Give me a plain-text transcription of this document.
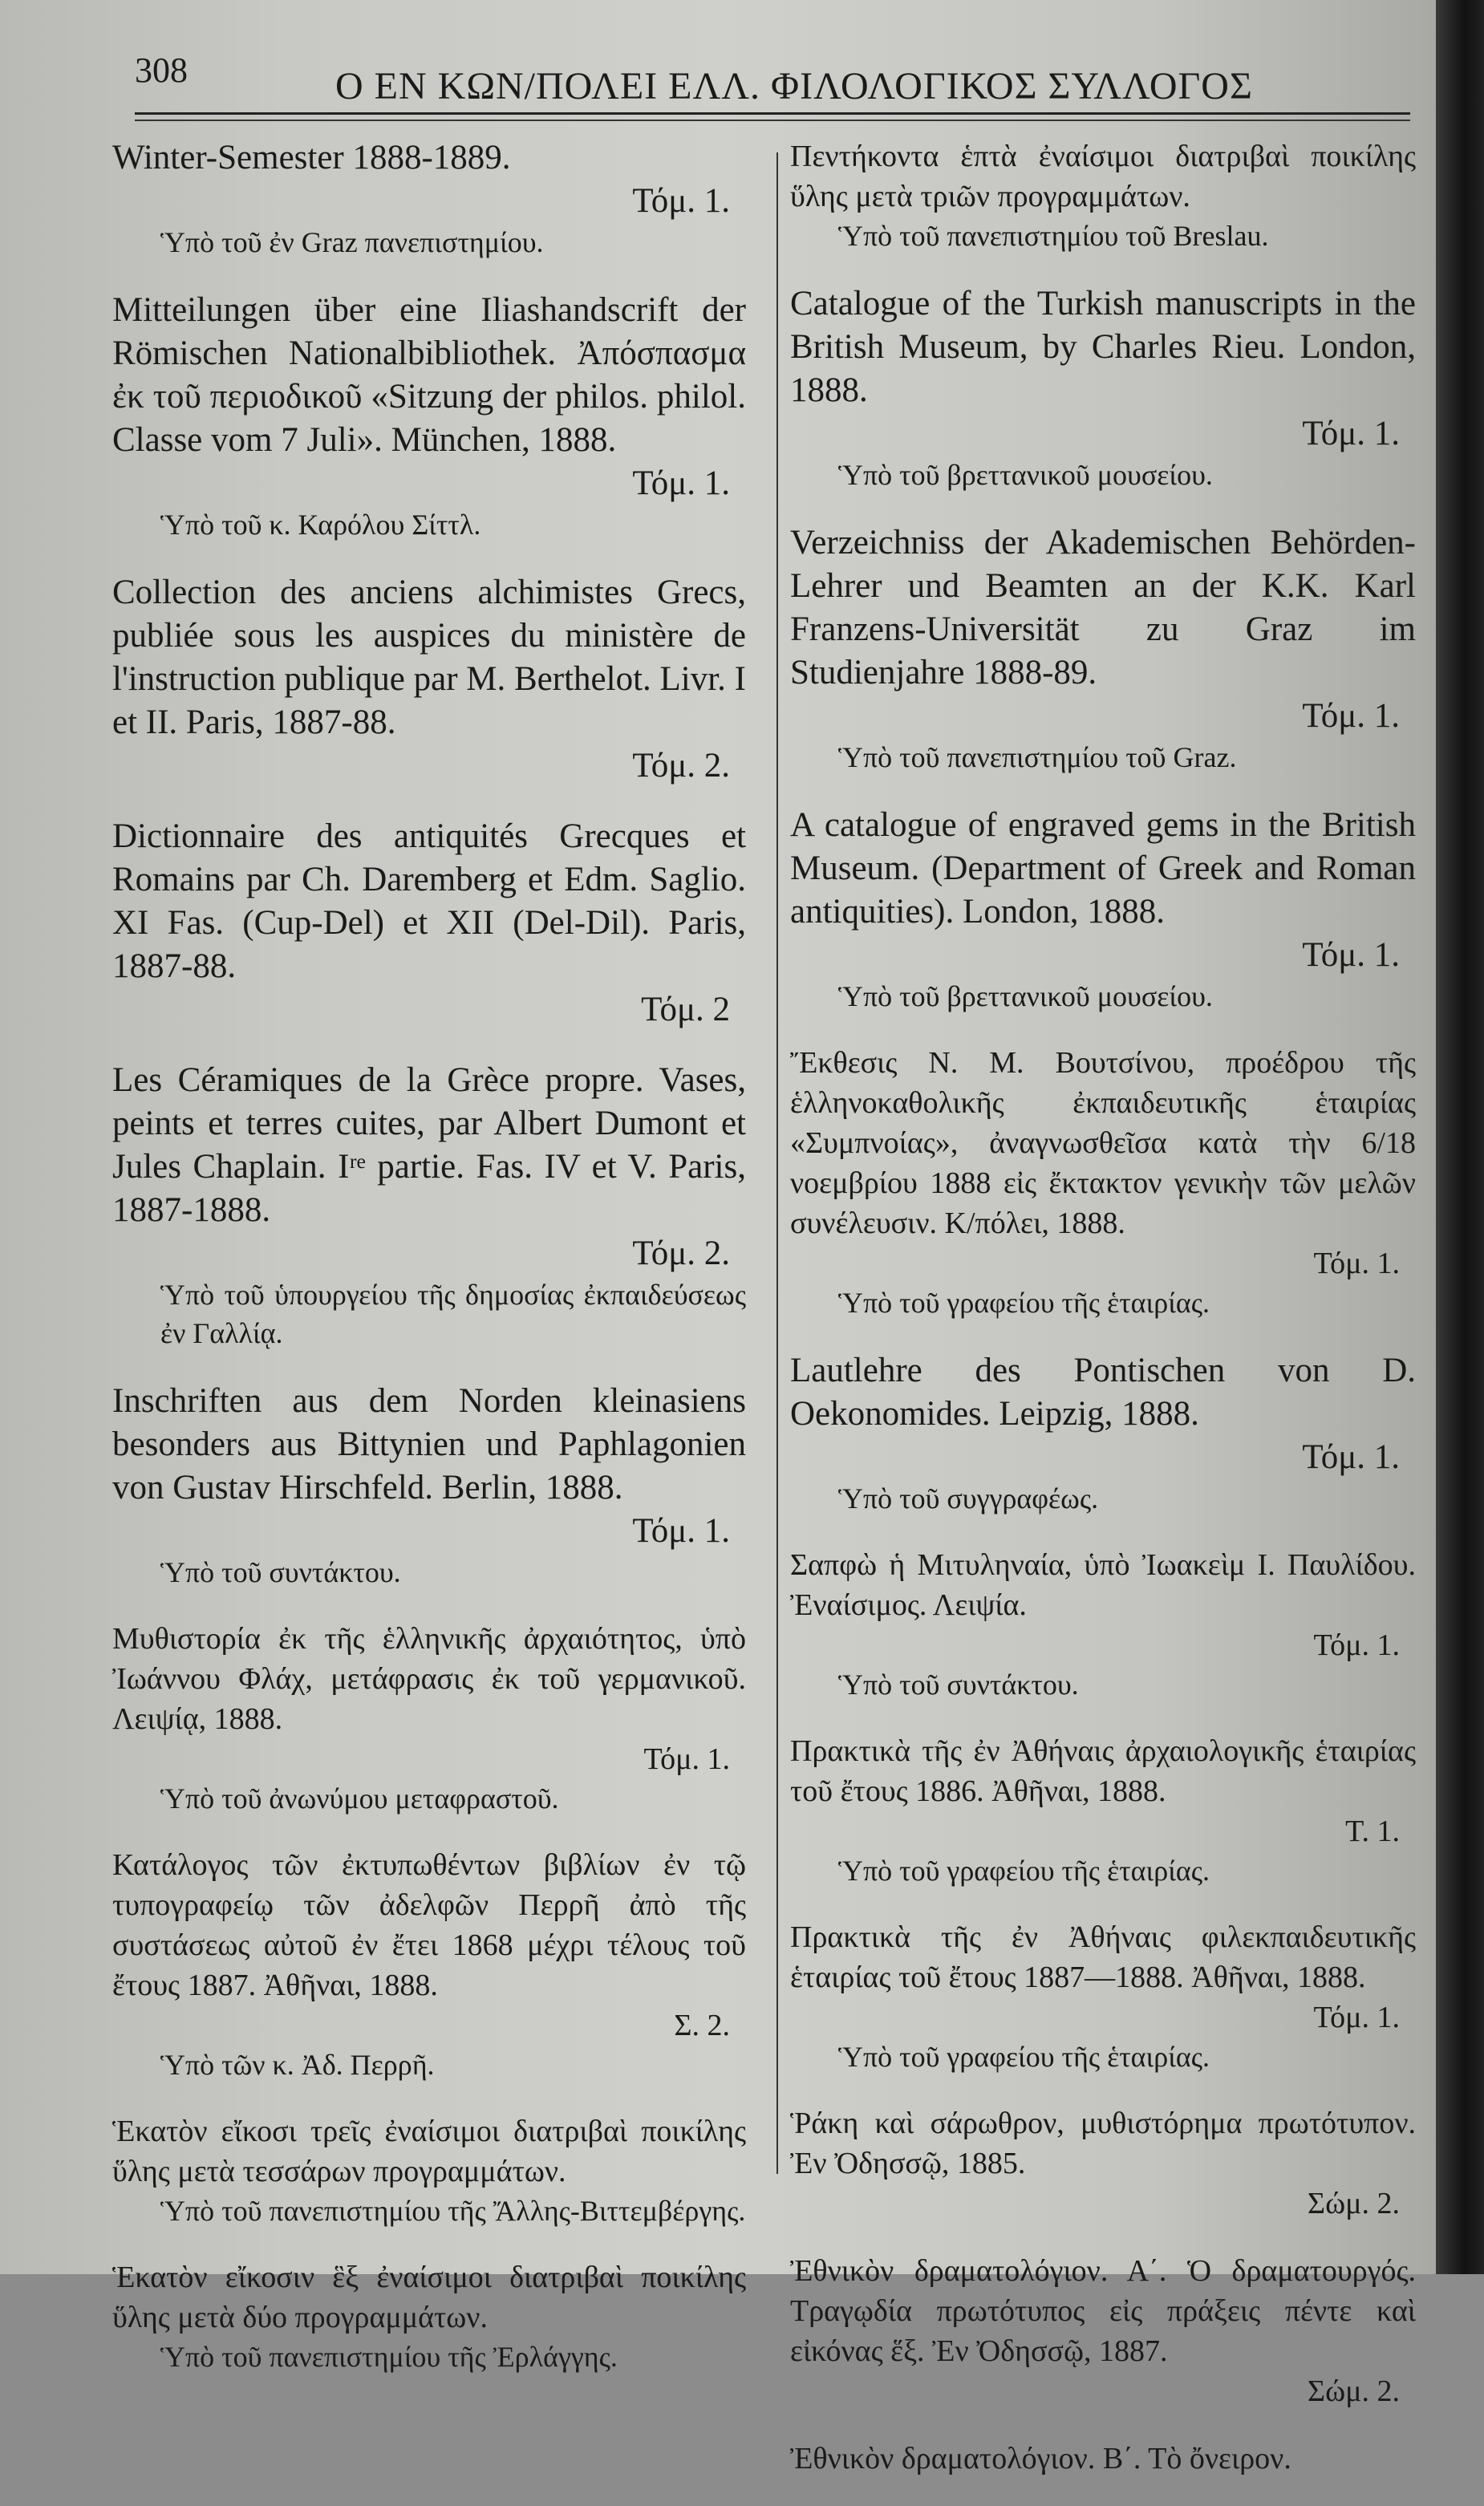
308	Ο ΕΝ ΚΩΝ/ΠΟΛΕΙ ΕΛΛ. ΦΙΛΟΛΟΓΙΚΟΣ ΣΥΛΛΟΓΟΣ
Winter-Semester 1888-1889.
Τόμ. 1.
Ὑπὸ τοῦ ἐν Graz πανεπιστημίου.
Mitteilungen über eine Iliashandscrift der Römischen Nationalbibliothek. Ἀπόσπασμα ἐκ τοῦ περιοδικοῦ «Sitzung der philos. philol. Classe vom 7 Juli». München, 1888.
Τόμ. 1.
Ὑπὸ τοῦ κ. Καρόλου Σίττλ.
Collection des anciens alchimistes Grecs, publiée sous les auspices du ministère de l'instruction publique par M. Berthelot. Livr. I et II. Paris, 1887-88.
Τόμ. 2.
Dictionnaire des antiquités Grecques et Romains par Ch. Daremberg et Edm. Saglio. XI Fas. (Cup-Del) et XII (Del-Dil). Paris, 1887-88.
Τόμ. 2
Les Céramiques de la Grèce propre. Vases, peints et terres cuites, par Albert Dumont et Jules Chaplain. Iʳᵉ partie. Fas. IV et V. Paris, 1887-1888.
Τόμ. 2.
Ὑπὸ τοῦ ὑπουργείου τῆς δημοσίας ἐκπαιδεύσεως ἐν Γαλλίᾳ.
Inschriften aus dem Norden kleinasiens besonders aus Bittynien und Paphlagonien von Gustav Hirschfeld. Berlin, 1888.
Τόμ. 1.
Ὑπὸ τοῦ συντάκτου.
Μυθιστορία ἐκ τῆς ἑλληνικῆς ἀρχαιότητος, ὑπὸ Ἰωάννου Φλάχ, μετάφρασις ἐκ τοῦ γερμανικοῦ. Λειψίᾳ, 1888.
Τόμ. 1.
Ὑπὸ τοῦ ἀνωνύμου μεταφραστοῦ.
Κατάλογος τῶν ἐκτυπωθέντων βιβλίων ἐν τῷ τυπογραφείῳ τῶν ἀδελφῶν Περρῆ ἀπὸ τῆς συστάσεως αὐτοῦ ἐν ἔτει 1868 μέχρι τέλους τοῦ ἔτους 1887. Ἀθῆναι, 1888.
Σ. 2.
Ὑπὸ τῶν κ. Ἀδ. Περρῆ.
Ἑκατὸν εἴκοσι τρεῖς ἐναίσιμοι διατριβαὶ ποικίλης ὕλης μετὰ τεσσάρων προγραμμάτων.
Ὑπὸ τοῦ πανεπιστημίου τῆς Ἄλλης-Βιττεμβέργης.
Ἑκατὸν εἴκοσιν ἓξ ἐναίσιμοι διατριβαὶ ποικίλης ὕλης μετὰ δύο προγραμμάτων.
Ὑπὸ τοῦ πανεπιστημίου τῆς Ἐρλάγγης.
Πεντήκοντα ἑπτὰ ἐναίσιμοι διατριβαὶ ποικίλης ὕλης μετὰ τριῶν προγραμμάτων.
Ὑπὸ τοῦ πανεπιστημίου τοῦ Breslau.
Catalogue of the Turkish manuscripts in the British Museum, by Charles Rieu. London, 1888.
Τόμ. 1.
Ὑπὸ τοῦ βρεττανικοῦ μουσείου.
Verzeichniss der Akademischen Behörden-Lehrer und Beamten an der K.K. Karl Franzens-Universität zu Graz im Studienjahre 1888-89.
Τόμ. 1.
Ὑπὸ τοῦ πανεπιστημίου τοῦ Graz.
A catalogue of engraved gems in the British Museum. (Department of Greek and Roman antiquities). London, 1888.
Τόμ. 1.
Ὑπὸ τοῦ βρεττανικοῦ μουσείου.
Ἔκθεσις Ν. Μ. Βουτσίνου, προέδρου τῆς ἑλληνοκαθολικῆς ἐκπαιδευτικῆς ἑταιρίας «Συμπνοίας», ἀναγνωσθεῖσα κατὰ τὴν 6/18 νοεμβρίου 1888 εἰς ἔκτακτον γενικὴν τῶν μελῶν συνέλευσιν. Κ/πόλει, 1888.
Τόμ. 1.
Ὑπὸ τοῦ γραφείου τῆς ἑταιρίας.
Lautlehre des Pontischen von D. Oekonomides. Leipzig, 1888.
Τόμ. 1.
Ὑπὸ τοῦ συγγραφέως.
Σαπφὼ ἡ Μιτυληναία, ὑπὸ Ἰωακεὶμ Ι. Παυλίδου. Ἐναίσιμος. Λειψία.
Τόμ. 1.
Ὑπὸ τοῦ συντάκτου.
Πρακτικὰ τῆς ἐν Ἀθήναις ἀρχαιολογικῆς ἑταιρίας τοῦ ἔτους 1886. Ἀθῆναι, 1888.
Τ. 1.
Ὑπὸ τοῦ γραφείου τῆς ἑταιρίας.
Πρακτικὰ τῆς ἐν Ἀθήναις φιλεκπαιδευτικῆς ἑταιρίας τοῦ ἔτους 1887—1888. Ἀθῆναι, 1888.
Τόμ. 1.
Ὑπὸ τοῦ γραφείου τῆς ἑταιρίας.
Ῥάκη καὶ σάρωθρον, μυθιστόρημα πρωτότυπον. Ἐν Ὀδησσῷ, 1885.
Σώμ. 2.
Ἐθνικὸν δραματολόγιον. Α΄. Ὁ δραματουργός. Τραγῳδία πρωτότυπος εἰς πράξεις πέντε καὶ εἰκόνας ἕξ. Ἐν Ὀδησσῷ, 1887.
Σώμ. 2.
Ἐθνικὸν δραματολόγιον. Β΄. Τὸ ὄνειρον.
